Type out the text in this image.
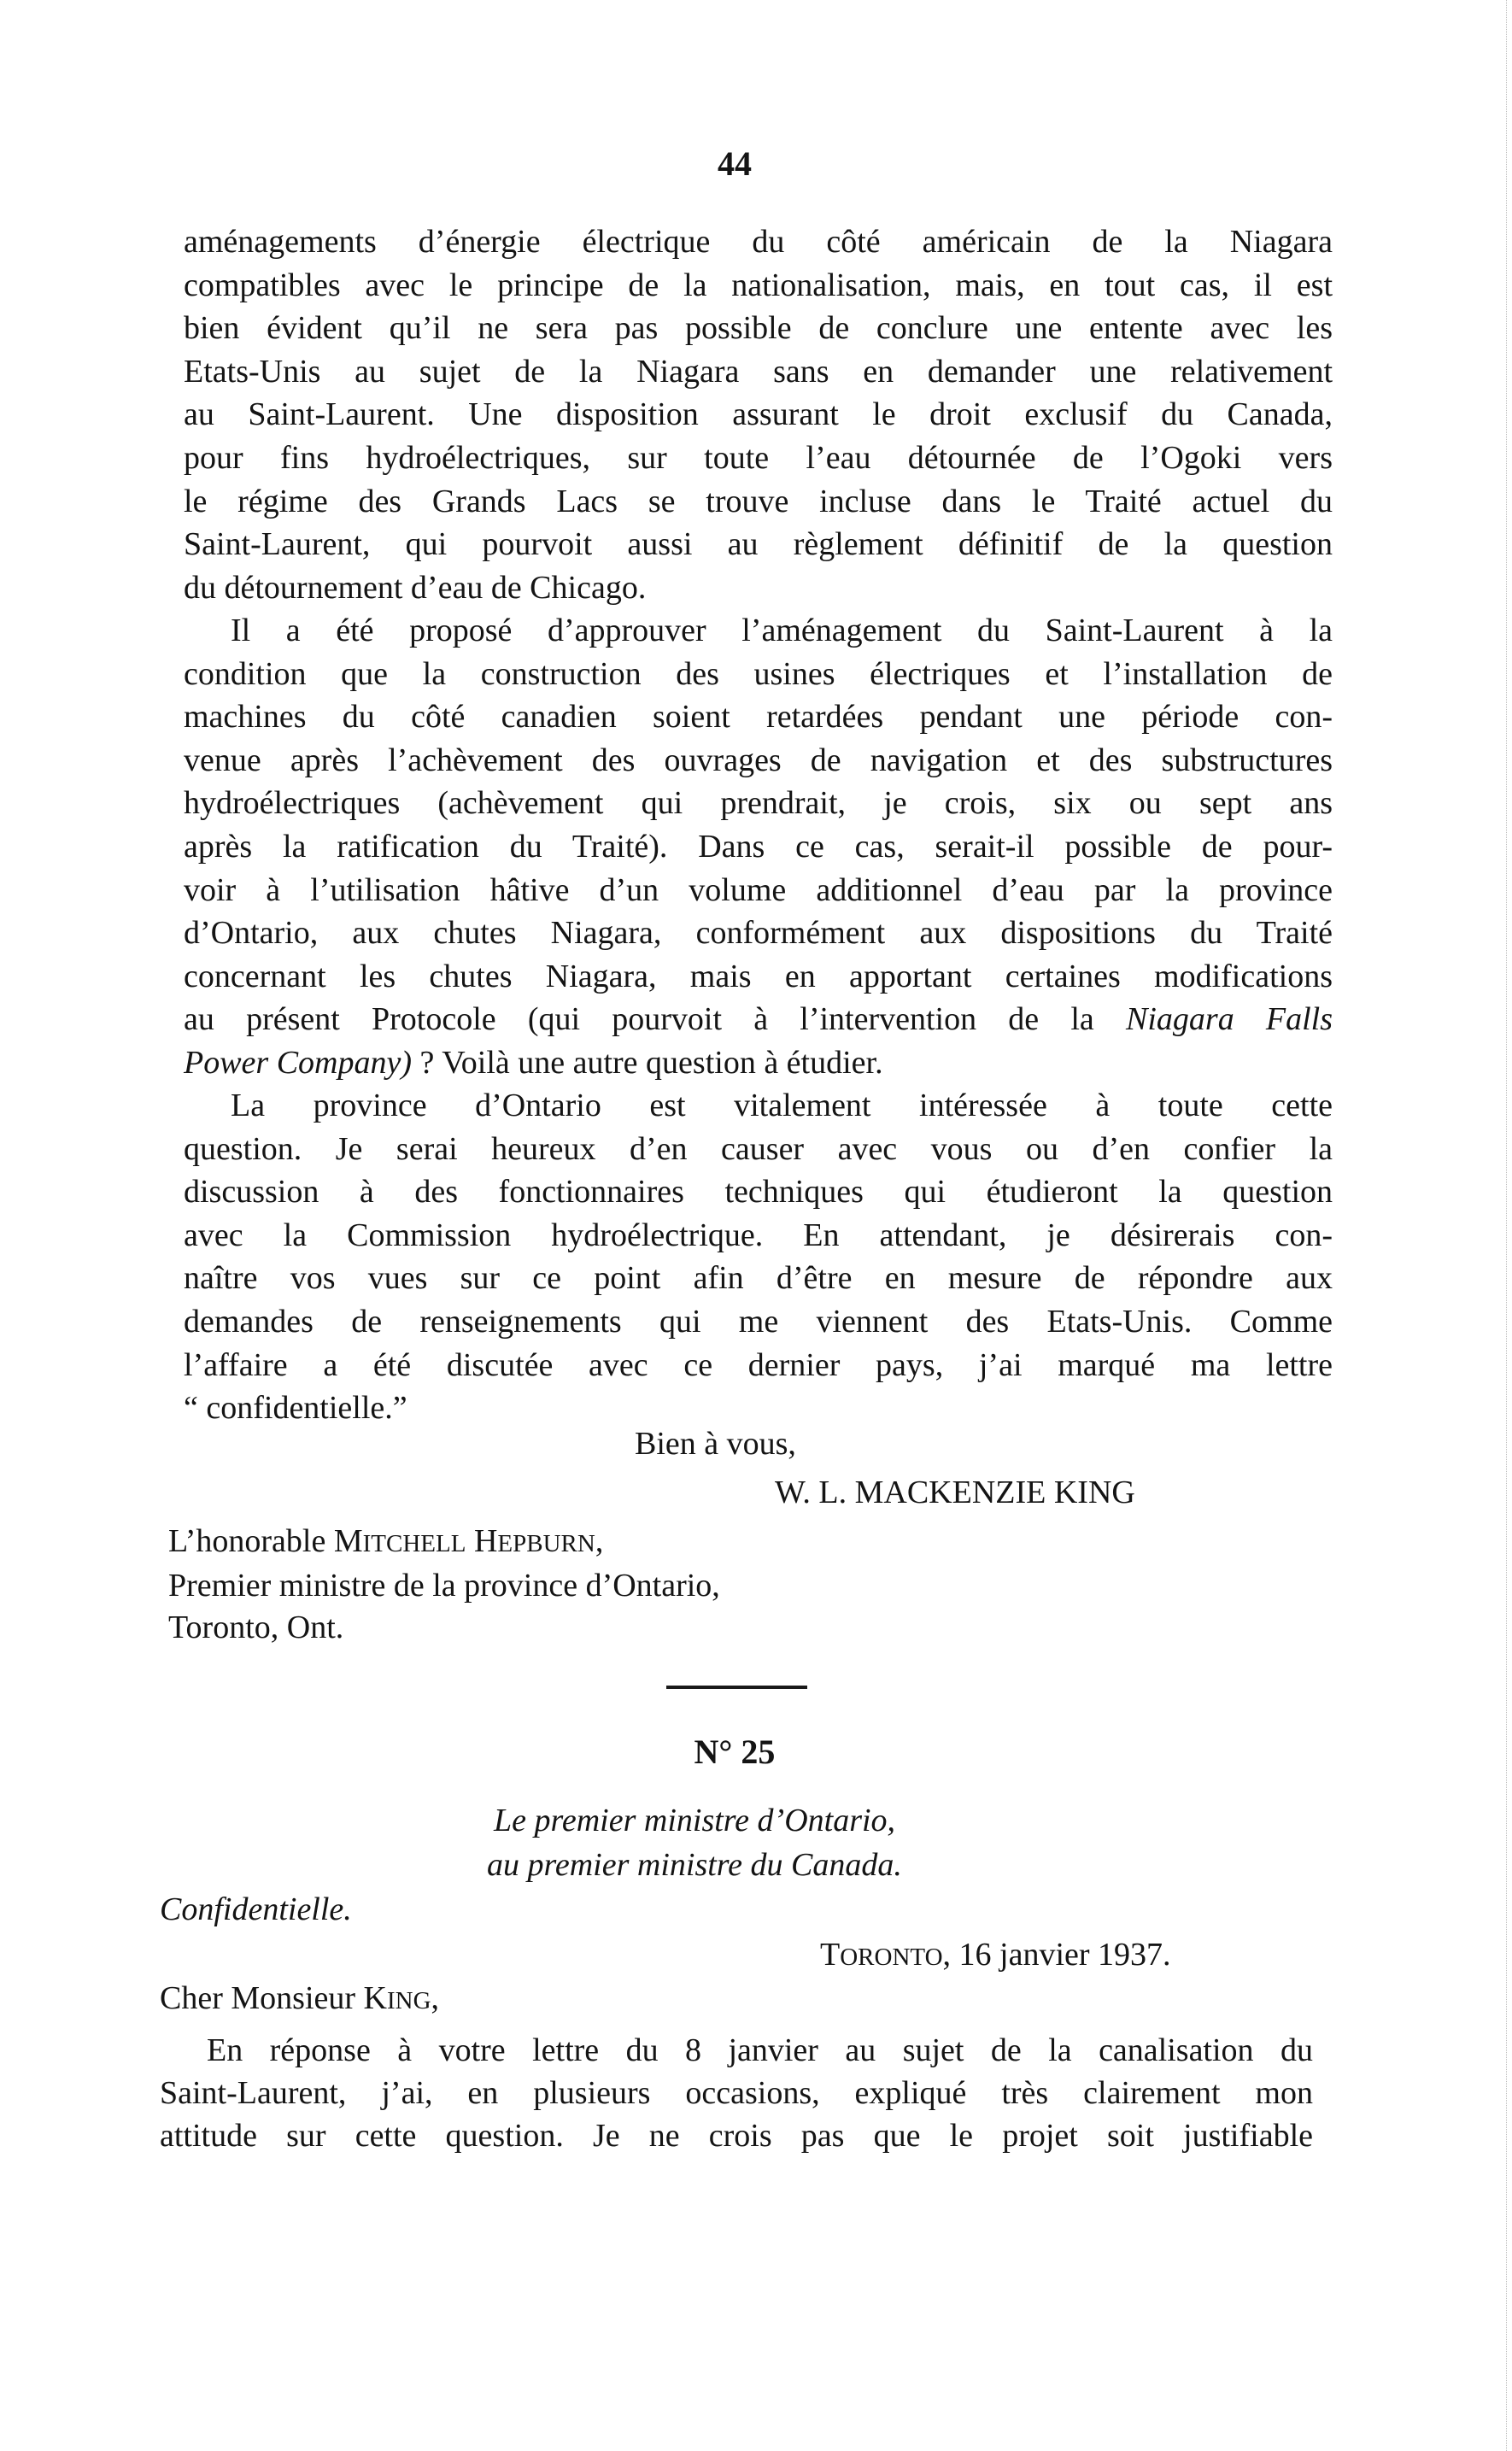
44
aménagements d’énergie électrique du côté américain de la Niagara
compatibles avec le principe de la nationalisation, mais, en tout cas, il est
bien évident qu’il ne sera pas possible de conclure une entente avec les
Etats-Unis au sujet de la Niagara sans en demander une relativement
au Saint-Laurent. Une disposition assurant le droit exclusif du Canada,
pour fins hydroélectriques, sur toute l’eau détournée de l’Ogoki vers
le régime des Grands Lacs se trouve incluse dans le Traité actuel du
Saint-Laurent, qui pourvoit aussi au règlement définitif de la question
du détournement d’eau de Chicago.
Il a été proposé d’approuver l’aménagement du Saint-Laurent à la
condition que la construction des usines électriques et l’installation de
machines du côté canadien soient retardées pendant une période con-
venue après l’achèvement des ouvrages de navigation et des substructures
hydroélectriques (achèvement qui prendrait, je crois, six ou sept ans
après la ratification du Traité). Dans ce cas, serait-il possible de pour-
voir à l’utilisation hâtive d’un volume additionnel d’eau par la province
d’Ontario, aux chutes Niagara, conformément aux dispositions du Traité
concernant les chutes Niagara, mais en apportant certaines modifications
au présent Protocole (qui pourvoit à l’intervention de la Niagara Falls
Power Company) ? Voilà une autre question à étudier.
La province d’Ontario est vitalement intéressée à toute cette
question. Je serai heureux d’en causer avec vous ou d’en confier la
discussion à des fonctionnaires techniques qui étudieront la question
avec la Commission hydroélectrique. En attendant, je désirerais con-
naître vos vues sur ce point afin d’être en mesure de répondre aux
demandes de renseignements qui me viennent des Etats-Unis. Comme
l’affaire a été discutée avec ce dernier pays, j’ai marqué ma lettre
“ confidentielle.”
Bien à vous,
W. L. MACKENZIE KING
L’honorable MITCHELL HEPBURN,
Premier ministre de la province d’Ontario,
Toronto, Ont.
N° 25
Le premier ministre d’Ontario,
au premier ministre du Canada.
Confidentielle.
TORONTO, 16 janvier 1937.
Cher Monsieur KING,
En réponse à votre lettre du 8 janvier au sujet de la canalisation du
Saint-Laurent, j’ai, en plusieurs occasions, expliqué très clairement mon
attitude sur cette question. Je ne crois pas que le projet soit justifiable
